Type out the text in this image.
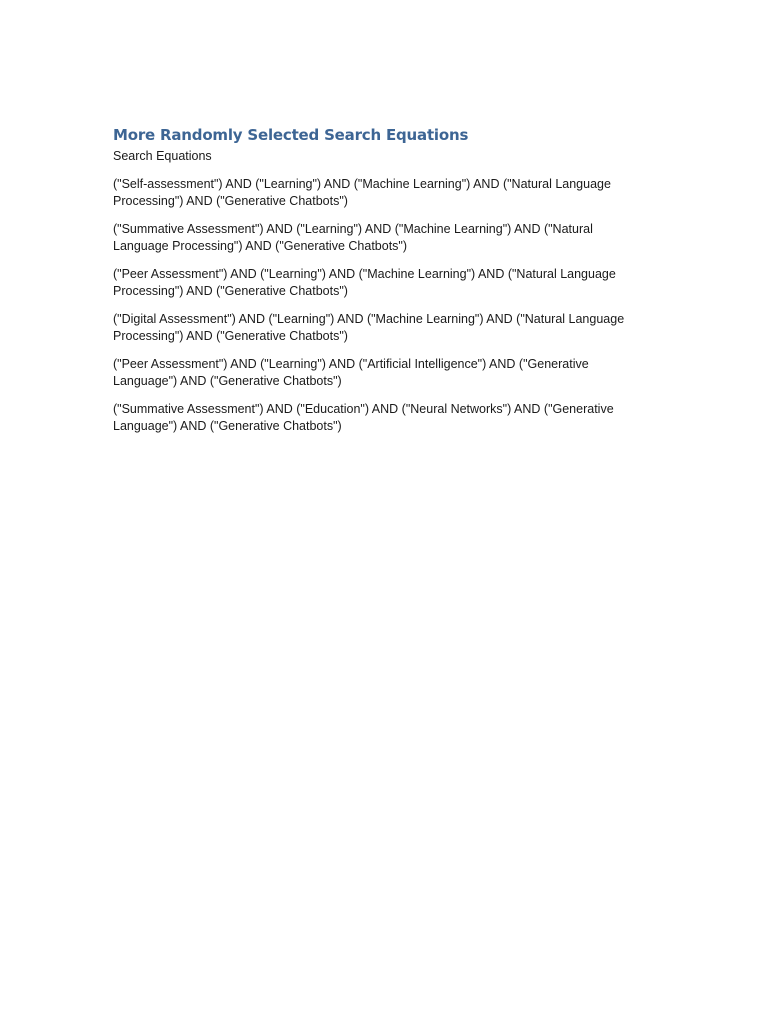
More Randomly Selected Search Equations

Search Equations

("Self-assessment") AND ("Learning") AND ("Machine Learning") AND ("Natural Language Processing") AND ("Generative Chatbots")

("Summative Assessment") AND ("Learning") AND ("Machine Learning") AND ("Natural Language Processing") AND ("Generative Chatbots")

("Peer Assessment") AND ("Learning") AND ("Machine Learning") AND ("Natural Language Processing") AND ("Generative Chatbots")

("Digital Assessment") AND ("Learning") AND ("Machine Learning") AND ("Natural Language Processing") AND ("Generative Chatbots")

("Peer Assessment") AND ("Learning") AND ("Artificial Intelligence") AND ("Generative Language") AND ("Generative Chatbots")

("Summative Assessment") AND ("Education") AND ("Neural Networks") AND ("Generative Language") AND ("Generative Chatbots")
